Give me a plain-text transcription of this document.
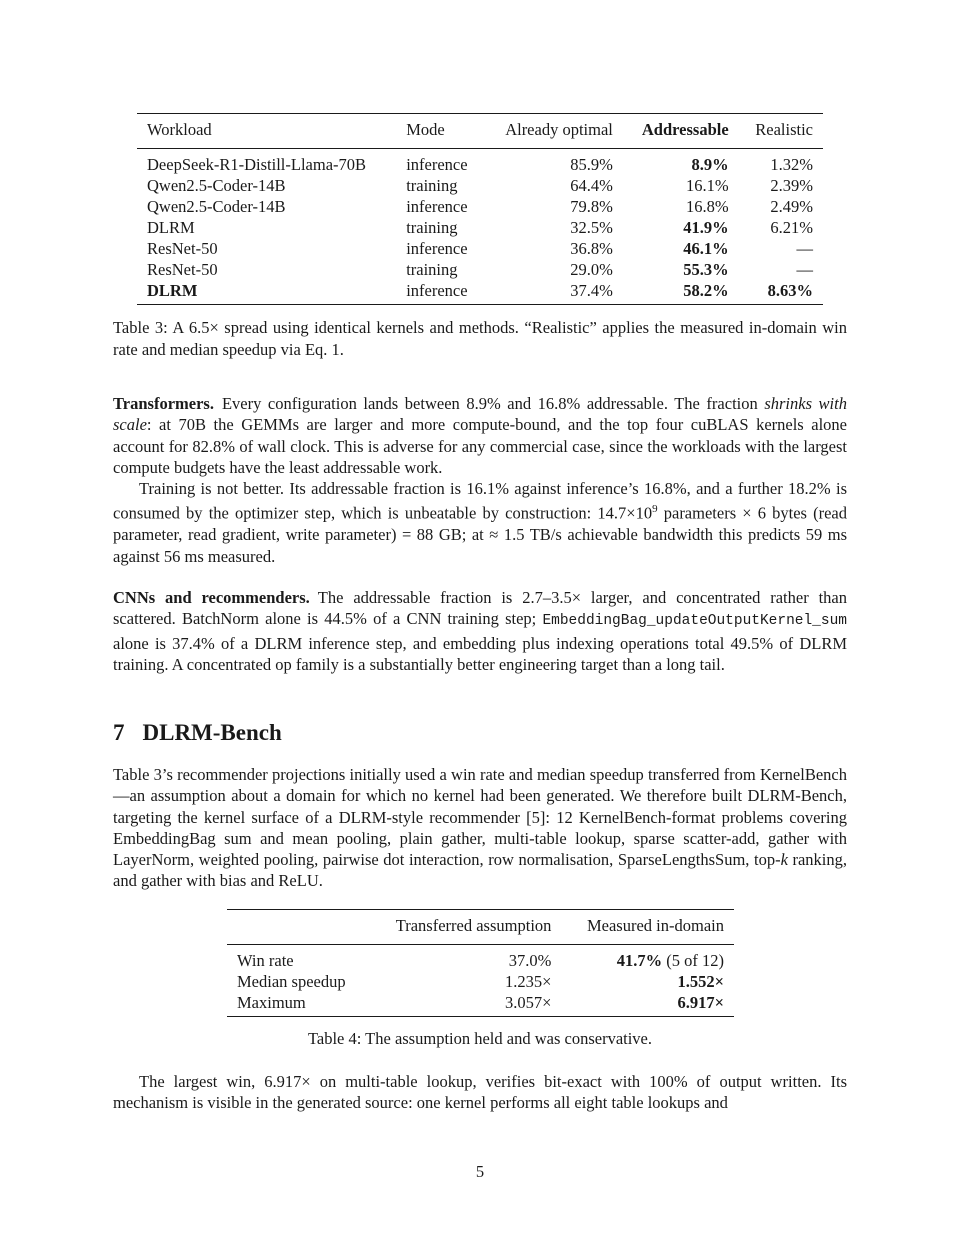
Workload	Mode	Already optimal	Addressable	Realistic
DeepSeek-R1-Distill-Llama-70B	inference	85.9%	8.9%	1.32%
Qwen2.5-Coder-14B	training	64.4%	16.1%	2.39%
Qwen2.5-Coder-14B	inference	79.8%	16.8%	2.49%
DLRM	training	32.5%	41.9%	6.21%
ResNet-50	inference	36.8%	46.1%	—
ResNet-50	training	29.0%	55.3%	—
DLRM	inference	37.4%	58.2%	8.63%
Table 3: A 6.5× spread using identical kernels and methods. “Realistic” applies the measured in-domain win rate and median speedup via Eq. 1.

Transformers. Every configuration lands between 8.9% and 16.8% addressable. The fraction shrinks with scale: at 70B the GEMMs are larger and more compute-bound, and the top four cuBLAS kernels alone account for 82.8% of wall clock. This is adverse for any commercial case, since the workloads with the largest compute budgets have the least addressable work.

Training is not better. Its addressable fraction is 16.1% against inference’s 16.8%, and a further 18.2% is consumed by the optimizer step, which is unbeatable by construction: $14.7\times 10^9$ parameters × 6 bytes (read parameter, read gradient, write parameter) = 88 GB; at ≈ 1.5 TB/s achievable bandwidth this predicts 59 ms against 56 ms measured.

CNNs and recommenders. The addressable fraction is 2.7–3.5× larger, and concentrated rather than scattered. BatchNorm alone is 44.5% of a CNN training step; EmbeddingBag_updateOutputKernel_sum alone is 37.4% of a DLRM inference step, and embedding plus indexing operations total 49.5% of DLRM training. A concentrated op family is a substantially better engineering target than a long tail.

7 DLRM-Bench

Table 3’s recommender projections initially used a win rate and median speedup transferred from KernelBench—an assumption about a domain for which no kernel had been generated. We therefore built DLRM-Bench, targeting the kernel surface of a DLRM-style recommender [5]: 12 KernelBench-format problems covering EmbeddingBag sum and mean pooling, plain gather, multi-table lookup, sparse scatter-add, gather with LayerNorm, weighted pooling, pairwise dot interaction, row normalisation, SparseLengthsSum, top-k ranking, and gather with bias and ReLU.

	Transferred assumption	Measured in-domain
Win rate	37.0%	41.7% (5 of 12)
Median speedup	1.235×	1.552×
Maximum	3.057×	6.917×
Table 4: The assumption held and was conservative.

The largest win, 6.917× on multi-table lookup, verifies bit-exact with 100% of output written. Its mechanism is visible in the generated source: one kernel performs all eight table lookups and

5
